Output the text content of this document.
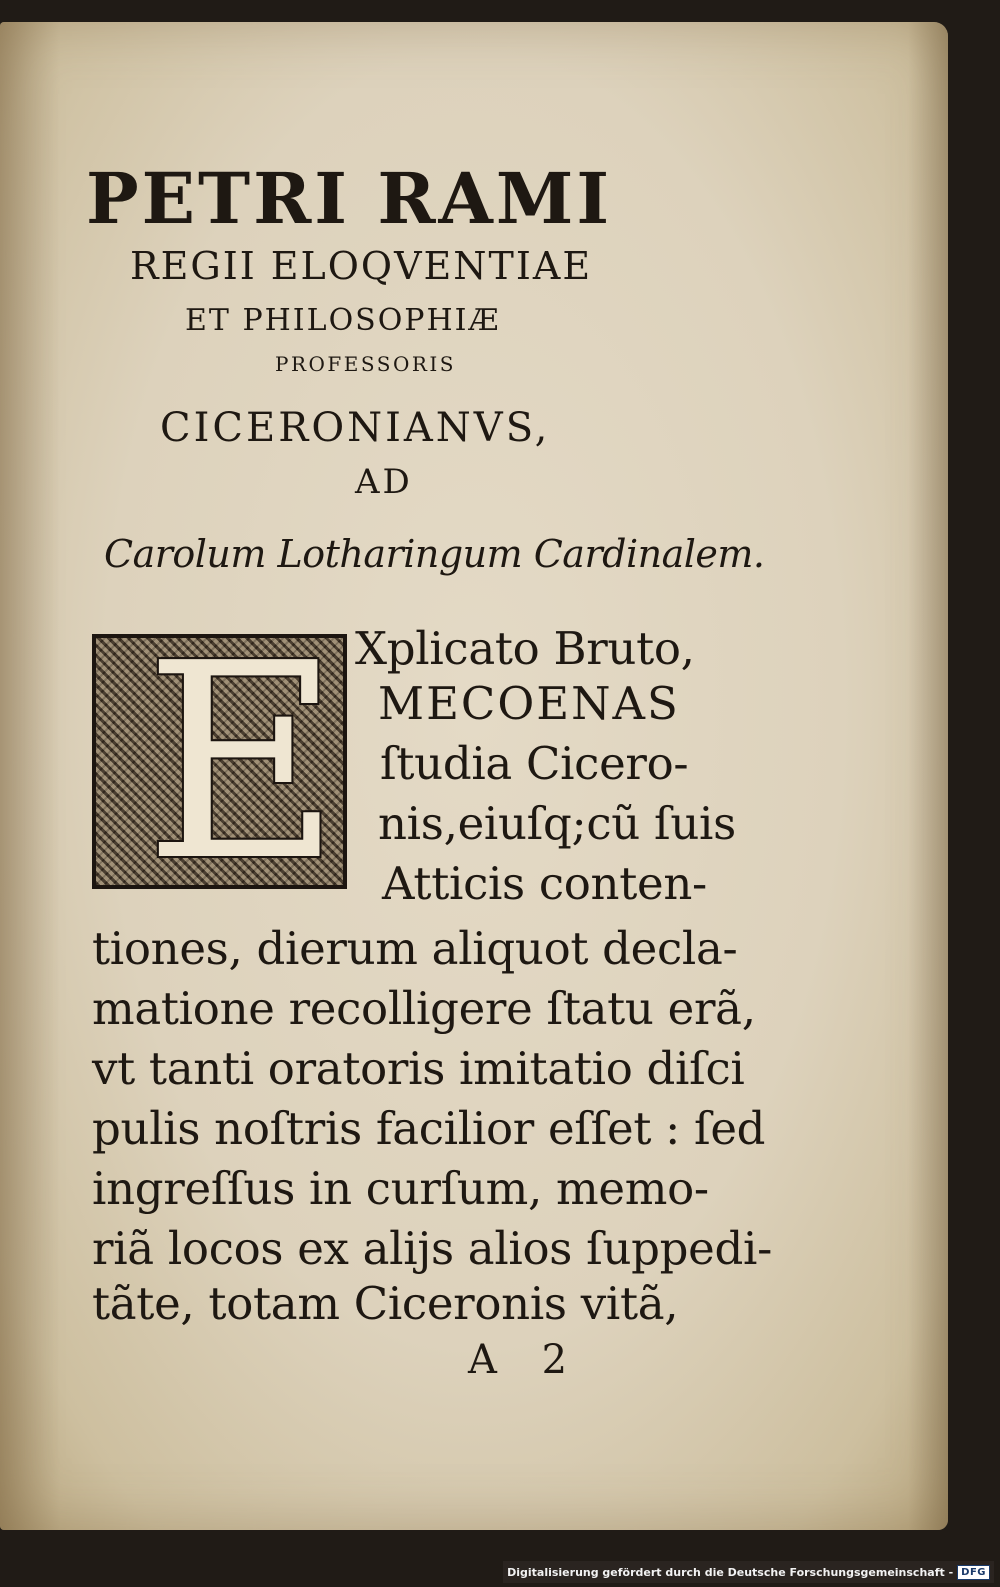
PETRI RAMI
REGII ELOQVENTIAE
ET PHILOSOPHIÆ
PROFESSORIS
CICERONIANVS,
AD
Carolum Lotharingum Cardinalem.
E Xplicato Bruto,
MECOENAS
ſtudia Cicero-
nis,eiuſq;cũ ſuis
Atticis conten-
tiones, dierum aliquot decla-
matione recolligere ſtatu erã,
vt tanti oratoris imitatio diſci
pulis noſtris facilior eſſet : ſed
ingreſſus in curſum, memo-
riã locos ex alijs alios ſuppedi-
tãte, totam Ciceronis vitã,
A 2
Digitalisierung gefördert durch die Deutsche Forschungsgemeinschaft - DFG
